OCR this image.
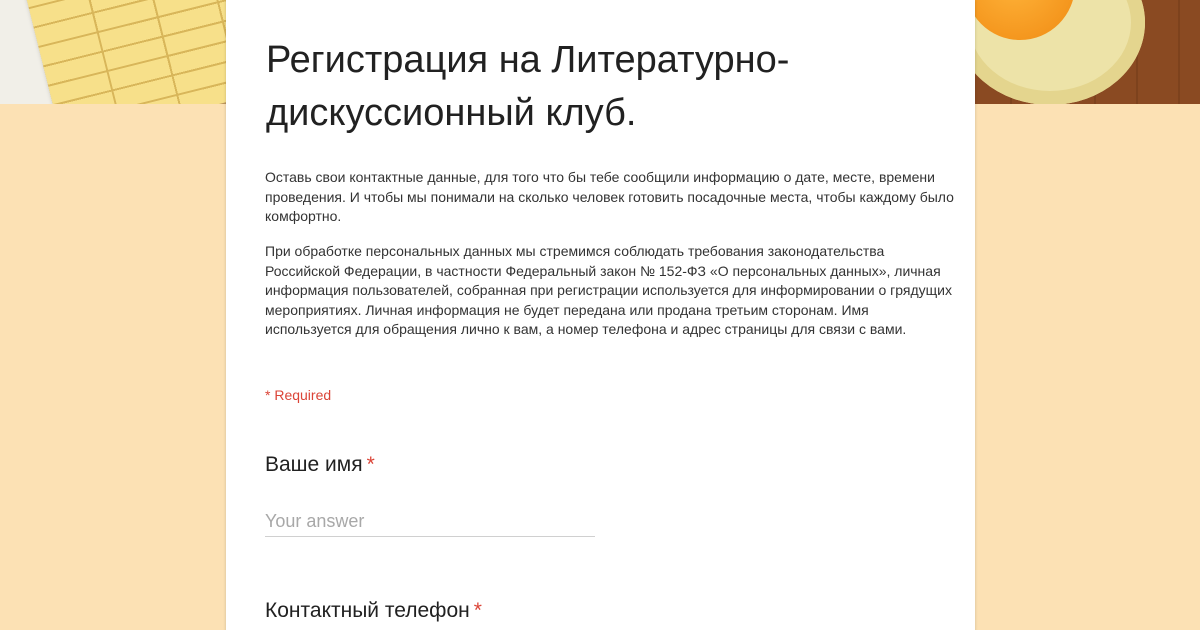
Регистрация на Литературно-дискуссионный клуб.

Оставь свои контактные данные, для того что бы тебе сообщили информацию о дате, месте, времени проведения. И чтобы мы понимали на сколько человек готовить посадочные места, чтобы каждому было комфортно.

При обработке персональных данных мы стремимся соблюдать требования законодательства Российской Федерации, в частности Федеральный закон № 152-ФЗ «О персональных данных», личная информация пользователей, собранная при регистрации используется для информировании о грядущих мероприятиях. Личная информация не будет передана или продана третьим сторонам. Имя используется для обращения лично к вам, а номер телефона и адрес страницы для связи с вами.

* Required

Ваше имя *
Your answer
Контактный телефон *
